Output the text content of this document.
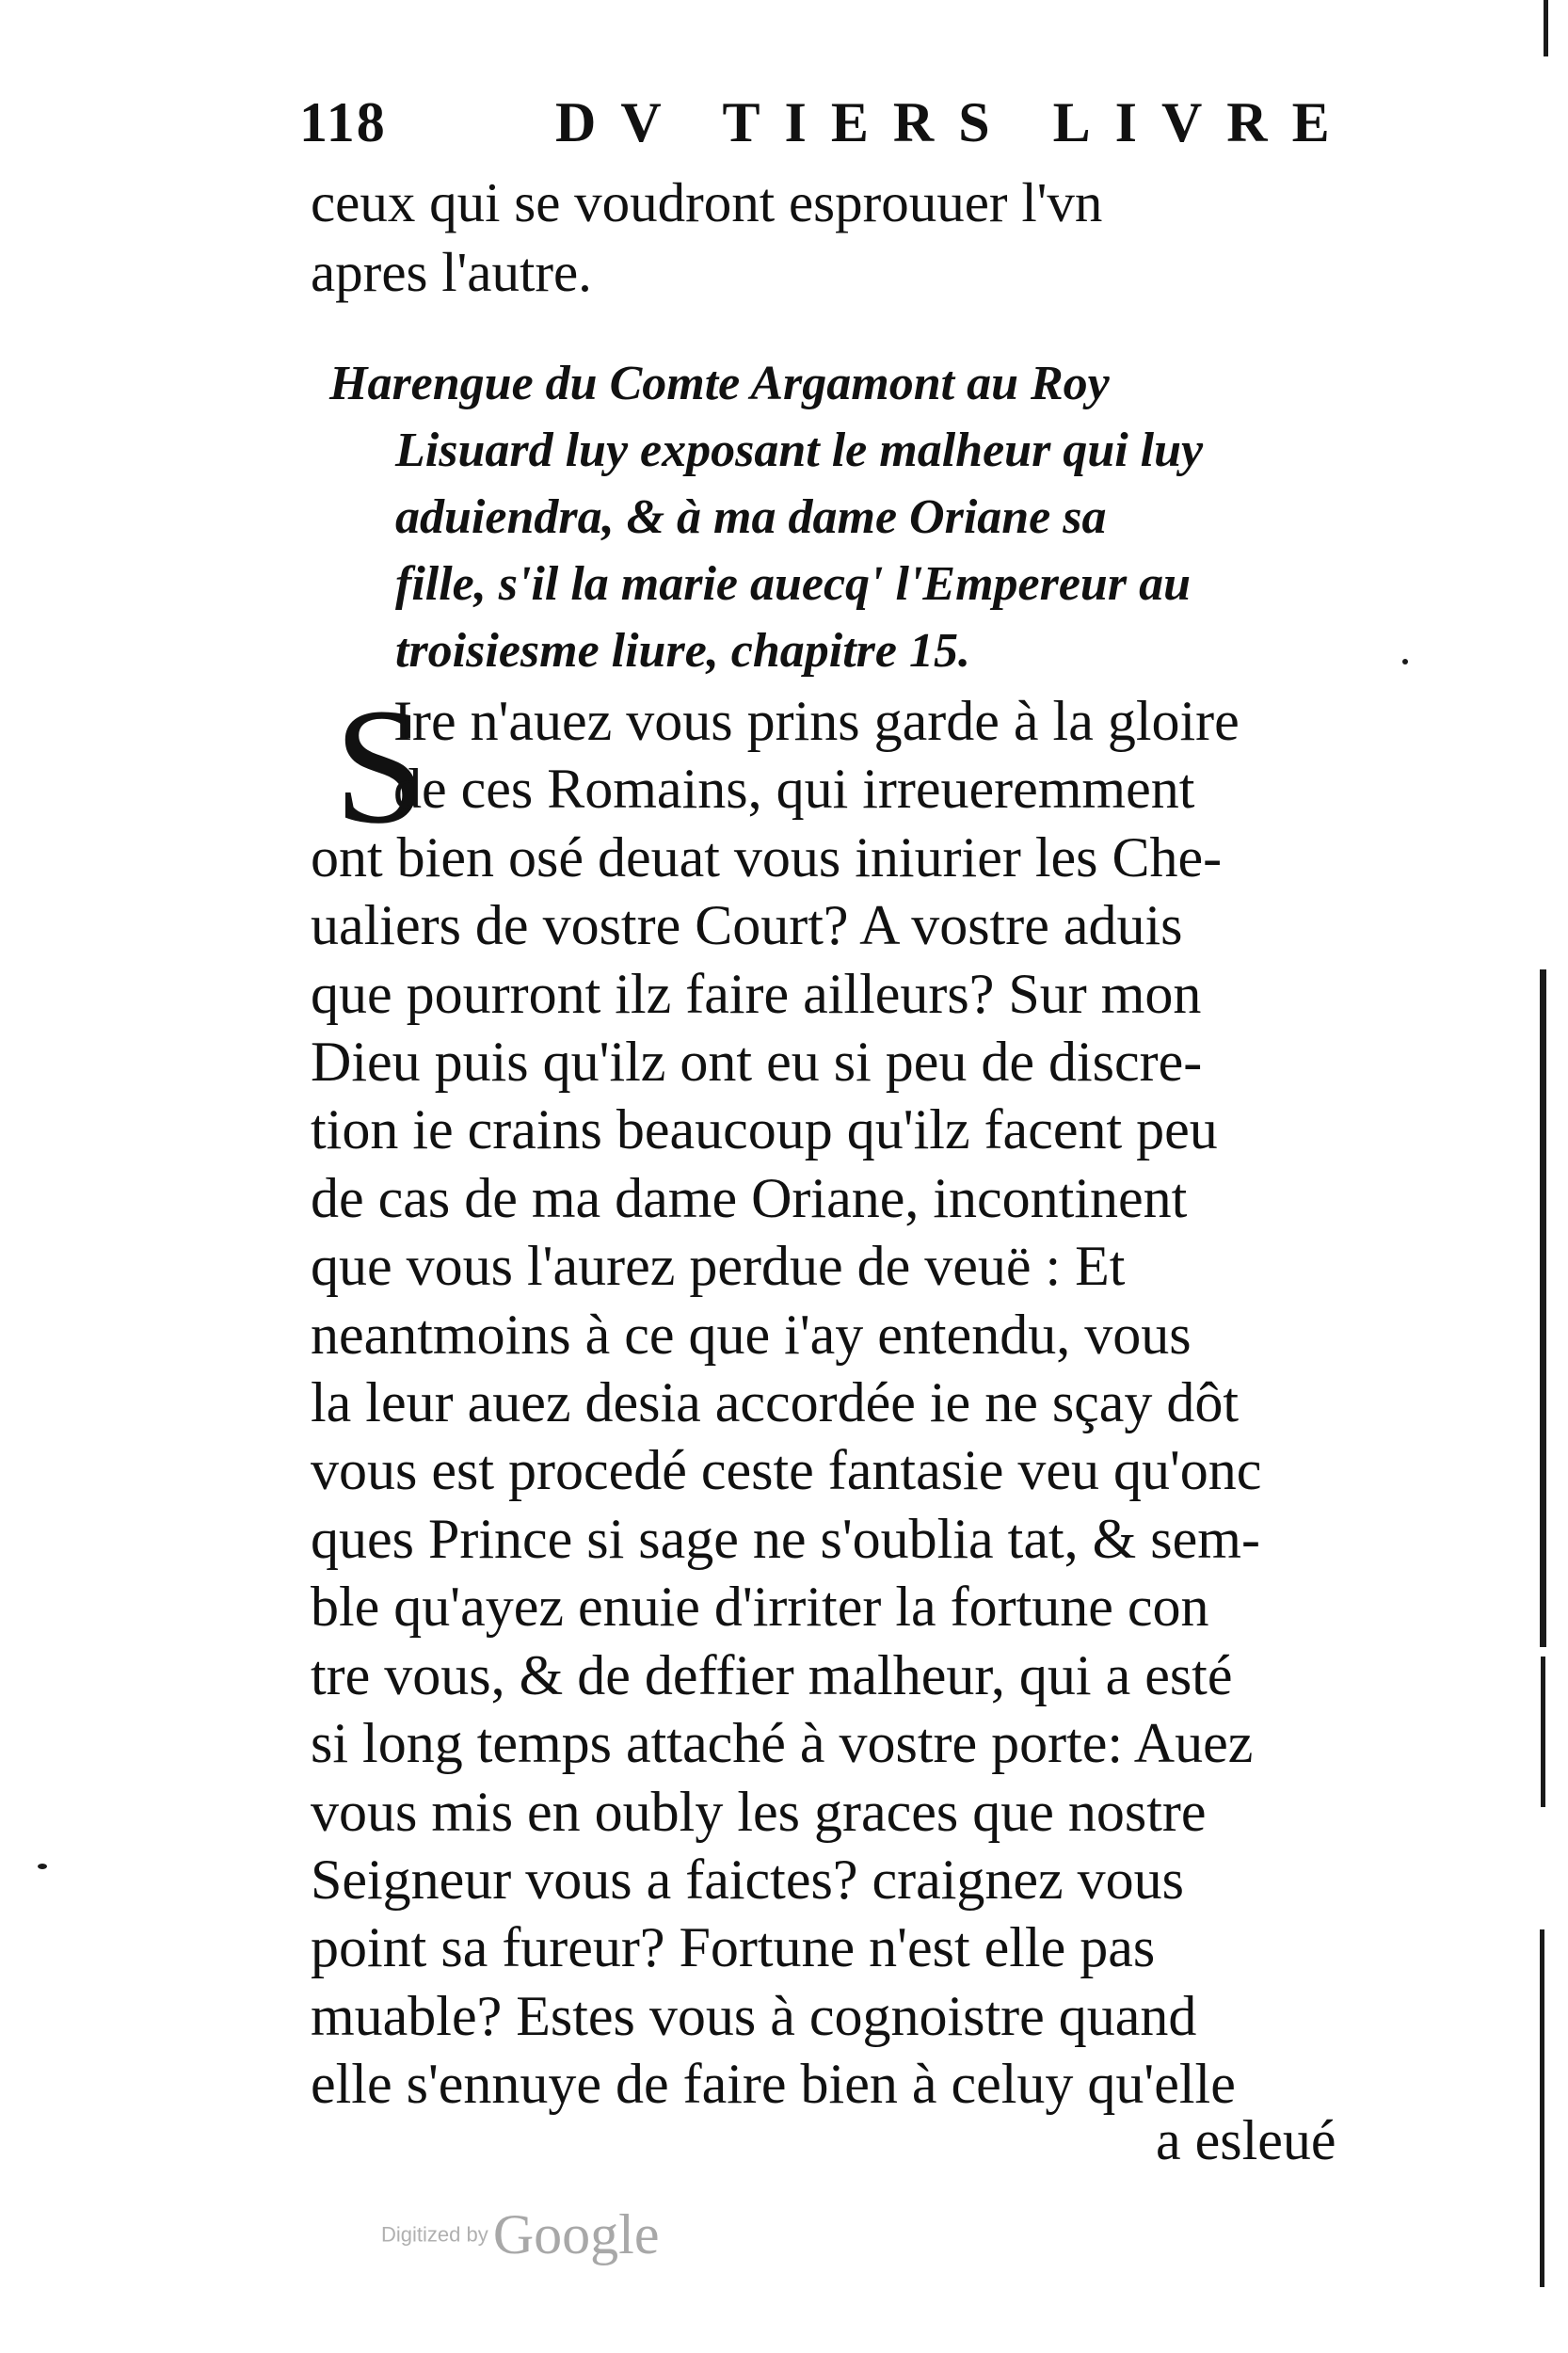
118	DV TIERS LIVRE
ceux qui se voudront esprouuer l'vn
apres l'autre.
Harengue du Comte Argamont au Roy
Lisuard luy exposant le malheur qui luy
aduiendra, & à ma dame Oriane sa
fille, s'il la marie auecq' l'Empereur au
troisiesme liure, chapitre 15.
S
Ire n'auez vous prins garde à la gloire
de ces Romains, qui irreueremment
ont bien osé deuat vous iniurier les Che-
ualiers de vostre Court? A vostre aduis
que pourront ilz faire ailleurs? Sur mon
Dieu puis qu'ilz ont eu si peu de discre-
tion ie crains beaucoup qu'ilz facent peu
de cas de ma dame Oriane, incontinent
que vous l'aurez perdue de veuë : Et
neantmoins à ce que i'ay entendu, vous
la leur auez desia accordée ie ne sçay dôt
vous est procedé ceste fantasie veu qu'onc
ques Prince si sage ne s'oublia tat, & sem-
ble qu'ayez enuie d'irriter la fortune con
tre vous, & de deffier malheur, qui a esté
si long temps attaché à vostre porte: Auez
vous mis en oubly les graces que nostre
Seigneur vous a faictes? craignez vous
point sa fureur? Fortune n'est elle pas
muable? Estes vous à cognoistre quand
elle s'ennuye de faire bien à celuy qu'elle
a esleué
Digitized by Google
